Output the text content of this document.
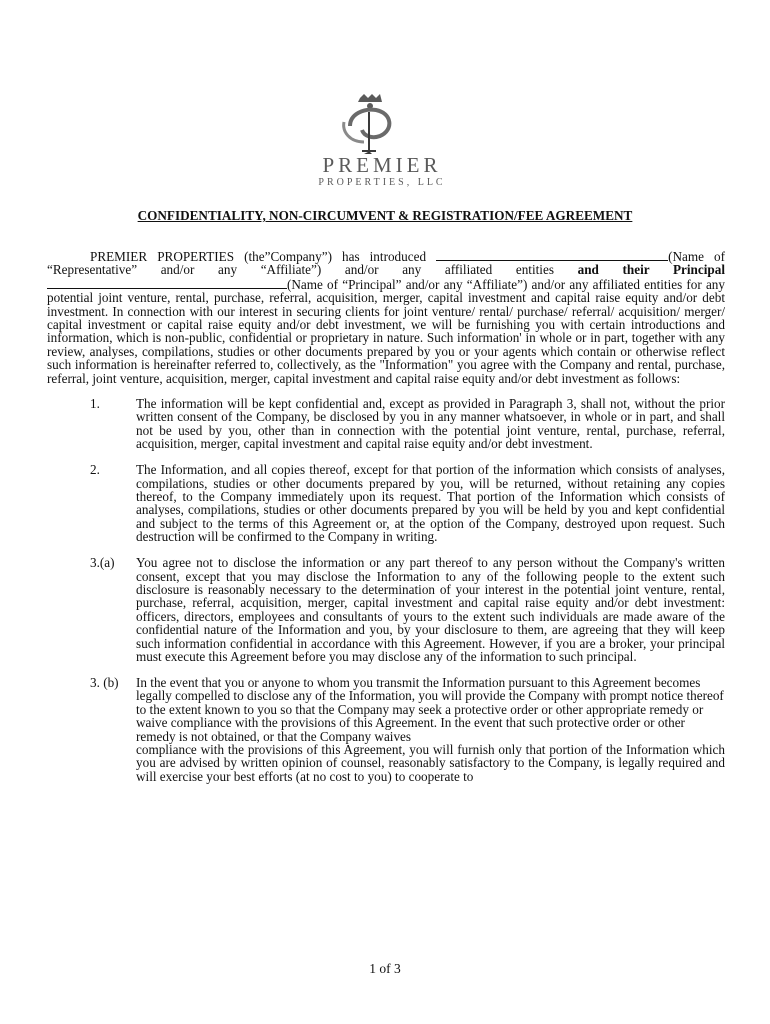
PREMIER
PROPERTIES, LLC
CONFIDENTIALITY, NON-CIRCUMVENT & REGISTRATION/FEE AGREEMENT

PREMIER PROPERTIES (the”Company”) has introduced	(Name of “Representative” and/or any “Affiliate”) and/or any affiliated entities and their Principal(Name of “Principal” and/or any “Affiliate”) and/or any affiliated entities for any potential joint venture, rental, purchase, referral, acquisition, merger, capital investment and capital raise equity and/or debt investment. In connection with our interest in securing clients for joint venture/ rental/ purchase/ referral/ acquisition/ merger/ capital investment or capital raise equity and/or debt investment, we will be furnishing you with certain introductions and information, which is non-public, confidential or proprietary in nature. Such information' in whole or in part, together with any review, analyses, compilations, studies or other documents prepared by you or your agents which contain or otherwise reflect such information is hereinafter referred to, collectively, as the "Information" you agree with the Company and rental, purchase, referral, joint venture, acquisition, merger, capital investment and capital raise equity and/or debt investment as follows:

1.	The information will be kept confidential and, except as provided in Paragraph 3, shall not, without the prior written consent of the Company, be disclosed by you in any manner whatsoever, in whole or in part, and shall not be used by you, other than in connection with the potential joint venture, rental, purchase, referral, acquisition, merger, capital investment and capital raise equity and/or debt investment.

2.	The Information, and all copies thereof, except for that portion of the information which consists of analyses, compilations, studies or other documents prepared by you, will be returned, without retaining any copies thereof, to the Company immediately upon its request. That portion of the Information which consists of analyses, compilations, studies or other documents prepared by you will be held by you and kept confidential and subject to the terms of this Agreement or, at the option of the Company, destroyed upon request. Such destruction will be confirmed to the Company in writing.

3.(a)	You agree not to disclose the information or any part thereof to any person without the Company's written consent, except that you may disclose the Information to any of the following people to the extent such disclosure is reasonably necessary to the determination of your interest in the potential joint venture, rental, purchase, referral, acquisition, merger, capital investment and capital raise equity and/or debt investment: officers, directors, employees and consultants of yours to the extent such individuals are made aware of the confidential nature of the Information and you, by your disclosure to them, are agreeing that they will keep such information confidential in accordance with this Agreement. However, if you are a broker, your principal must execute this Agreement before you may disclose any of the information to such principal.

3. (b)	In the event that you or anyone to whom you transmit the Information pursuant to this Agreement becomes legally compelled to disclose any of the Information, you will provide the Company with prompt notice thereof to the extent known to you so that the Company may seek a protective order or other appropriate remedy or waive compliance with the provisions of this Agreement. In the event that such protective order or other remedy is not obtained, or that the Company waives

compliance with the provisions of this Agreement, you will furnish only that portion of the Information which you are advised by written opinion of counsel, reasonably satisfactory to the Company, is legally required and will exercise your best efforts (at no cost to you) to cooperate to

1 of 3
